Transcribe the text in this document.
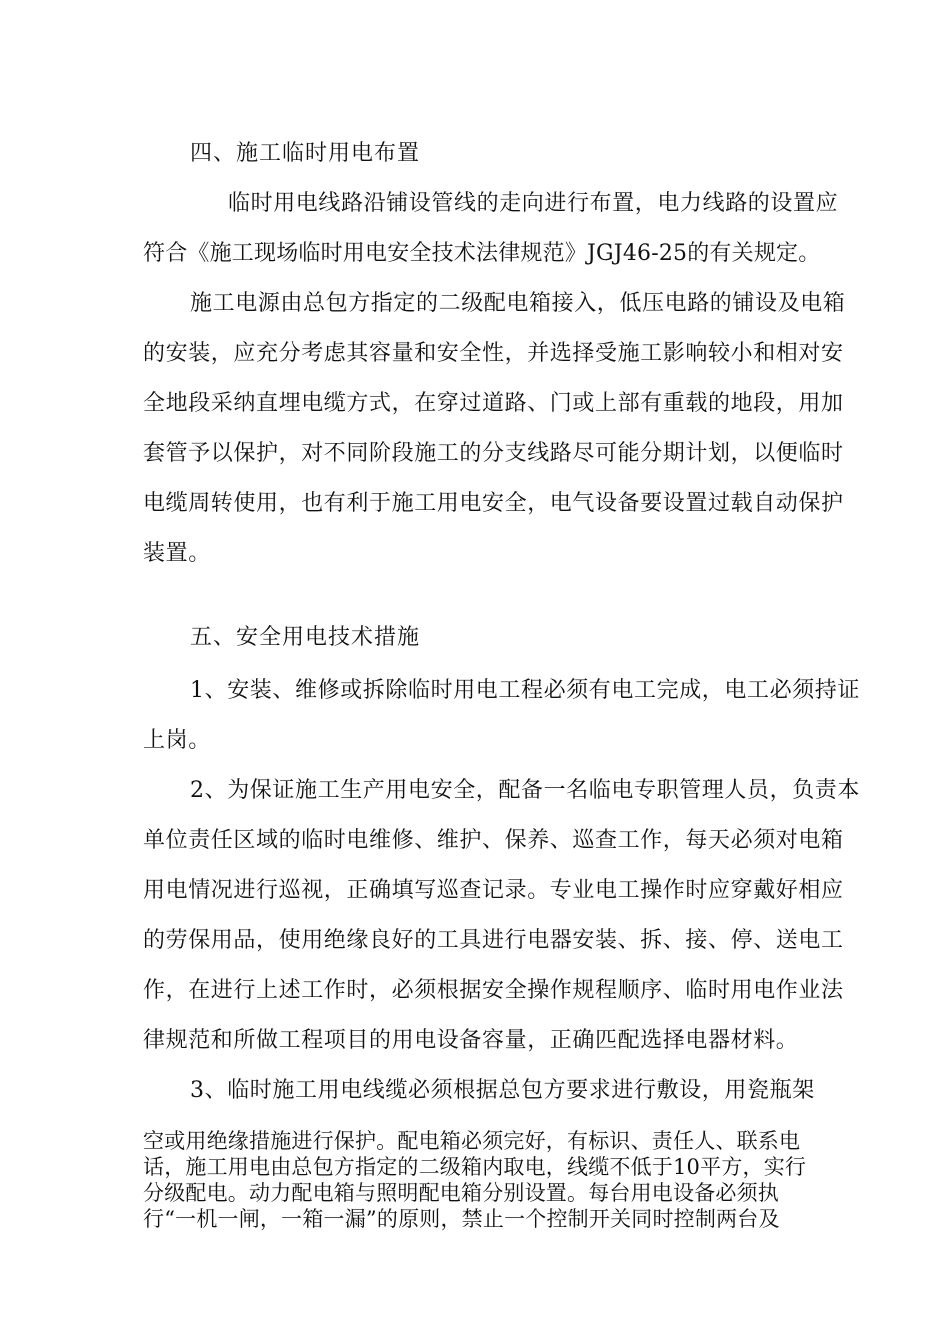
四、施工临时用电布置
临时用电线路沿铺设管线的走向进行布置，电力线路的设置应
符合《施工现场临时用电安全技术法律规范》JGJ46-25的有关规定。
施工电源由总包方指定的二级配电箱接入，低压电路的铺设及电箱
的安装，应充分考虑其容量和安全性，并选择受施工影响较小和相对安
全地段采纳直埋电缆方式，在穿过道路、门或上部有重载的地段，用加
套管予以保护，对不同阶段施工的分支线路尽可能分期计划，以便临时
电缆周转使用，也有利于施工用电安全，电气设备要设置过载自动保护
装置。
五、安全用电技术措施
1、安装、维修或拆除临时用电工程必须有电工完成，电工必须持证
上岗。
2、为保证施工生产用电安全，配备一名临电专职管理人员，负责本
单位责任区域的临时电维修、维护、保养、巡查工作，每天必须对电箱
用电情况进行巡视，正确填写巡查记录。专业电工操作时应穿戴好相应
的劳保用品，使用绝缘良好的工具进行电器安装、拆、接、停、送电工
作，在进行上述工作时，必须根据安全操作规程顺序、临时用电作业法
律规范和所做工程项目的用电设备容量，正确匹配选择电器材料。
3、临时施工用电线缆必须根据总包方要求进行敷设，用瓷瓶架
空或用绝缘措施进行保护。配电箱必须完好，有标识、责任人、联系电
话，施工用电由总包方指定的二级箱内取电，线缆不低于10平方，实行
分级配电。动力配电箱与照明配电箱分别设置。每台用电设备必须执
行“一机一闸，一箱一漏”的原则，禁止一个控制开关同时控制两台及
